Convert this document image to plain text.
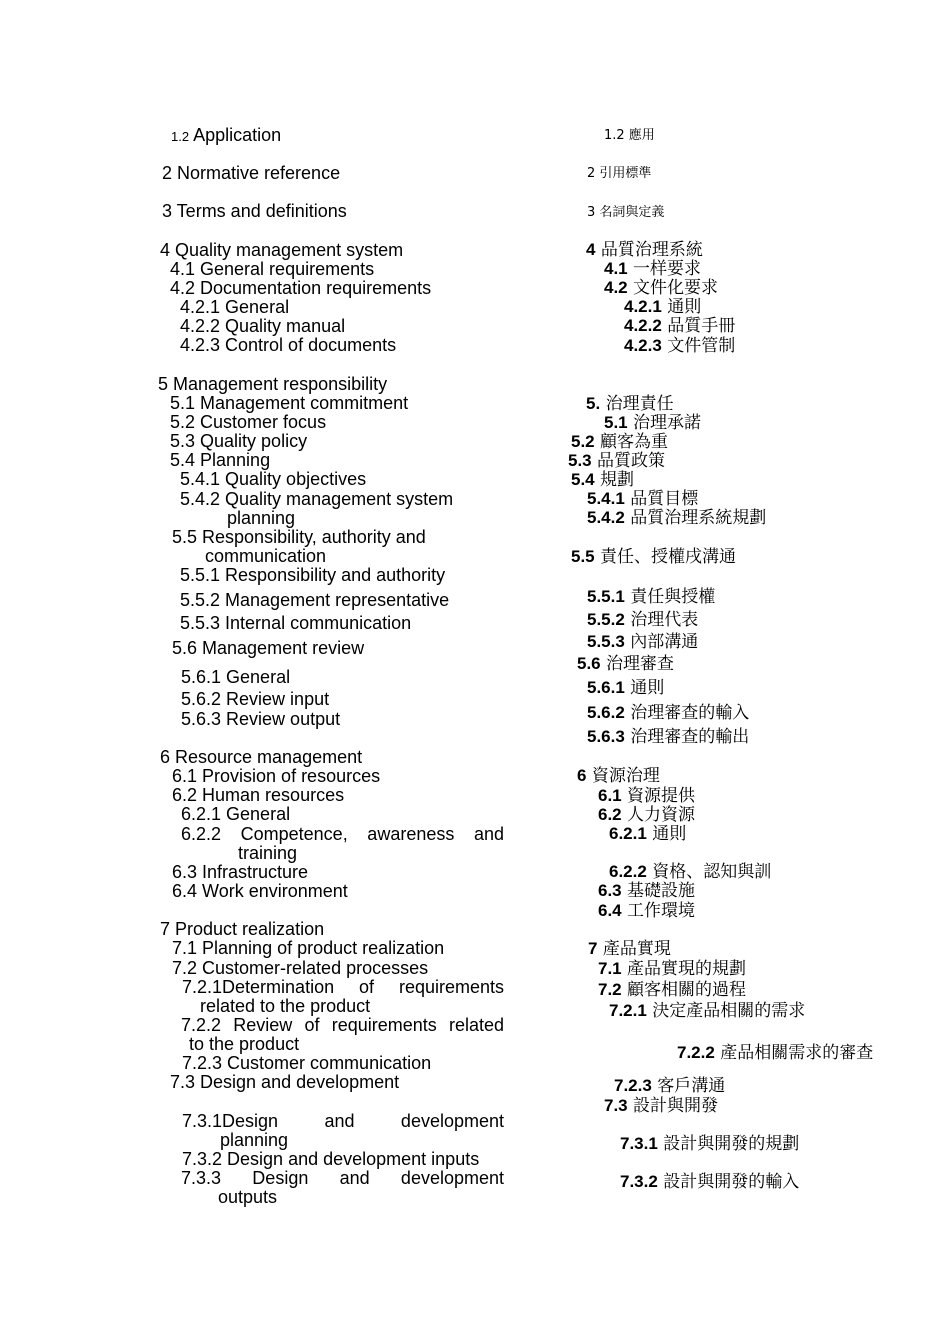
1.2 Application
2 Normative reference
3 Terms and definitions
4 Quality management system
4.1 General requirements
4.2 Documentation requirements
4.2.1 General
4.2.2 Quality manual
4.2.3 Control of documents
5 Management responsibility
5.1 Management commitment
5.2 Customer focus
5.3 Quality policy
5.4 Planning
5.4.1 Quality objectives
5.4.2 Quality management system
planning
5.5 Responsibility, authority and
communication
5.5.1 Responsibility and authority
5.5.2 Management representative
5.5.3 Internal communication
5.6 Management review
5.6.1 General
5.6.2 Review input
5.6.3 Review output
6 Resource management
6.1 Provision of resources
6.2 Human resources
6.2.1 General
6.2.2 Competence, awareness and
training
6.3 Infrastructure
6.4 Work environment
7 Product realization
7.1 Planning of product realization
7.2 Customer-related processes
7.2.1Determination of requirements
related to the product
7.2.2 Review of requirements related
to the product
7.2.3 Customer communication
7.3 Design and development
7.3.1Design and development
planning
7.3.2 Design and development inputs
7.3.3 Design and development
outputs
1.2 應用
2 引用標準
3 名詞與定義
4 品質治理系統
4.1 一样要求
4.2 文件化要求
4.2.1 通則
4.2.2 品質手冊
4.2.3 文件管制
5. 治理責任
5.1 治理承諾
5.2 顧客為重
5.3 品質政策
5.4 規劃
5.4.1 品質目標
5.4.2 品質治理系統規劃
5.5 責任、授權戌溝通
5.5.1 責任與授權
5.5.2 治理代表
5.5.3 內部溝通
5.6 治理審查
5.6.1 通則
5.6.2 治理審查的輸入
5.6.3 治理審查的輸出
6 資源治理
6.1 資源提供
6.2 人力資源
6.2.1 通則
6.2.2 資格、認知與訓
6.3 基礎設施
6.4 工作環境
7 產品實現
7.1 產品實現的規劃
7.2 顧客相關的過程
7.2.1 決定產品相關的需求
7.2.2 產品相關需求的審查
7.2.3 客戶溝通
7.3 設計與開發
7.3.1 設計與開發的規劃
7.3.2 設計與開發的輸入
